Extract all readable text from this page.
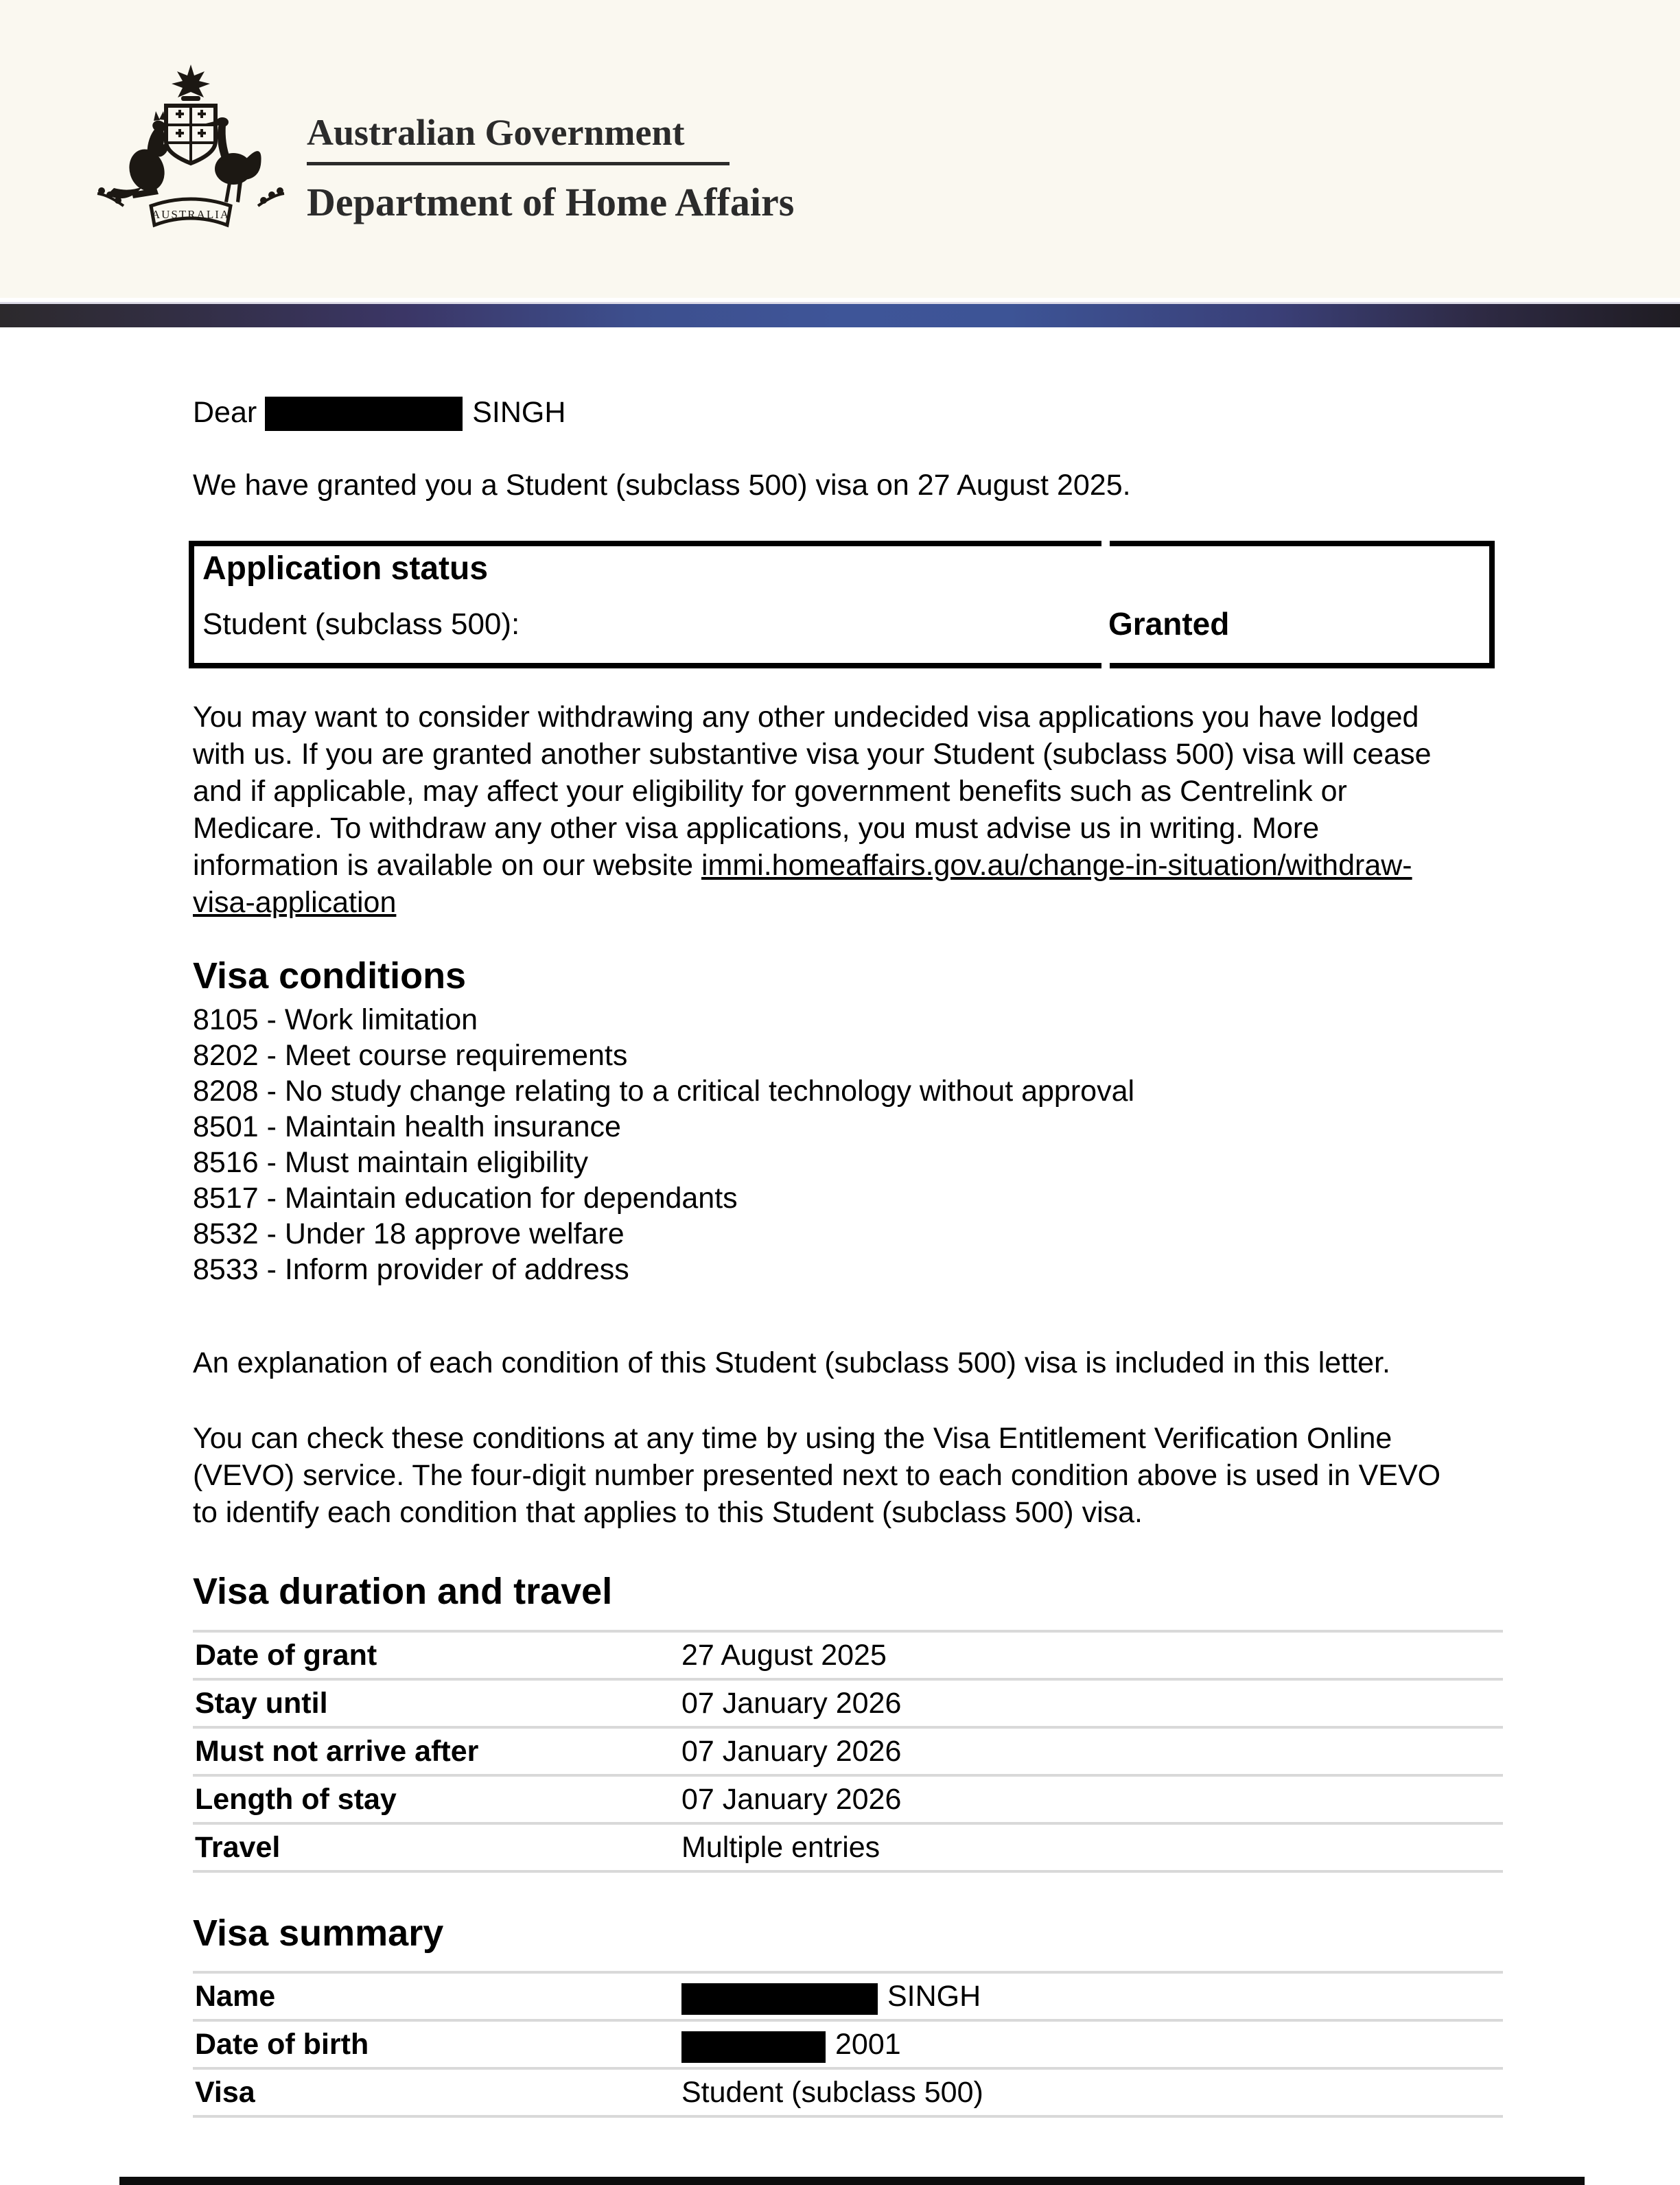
AUSTRALIA
Australian Government
Department of Home Affairs
Dear	SINGH

We have granted you a Student (subclass 500) visa on 27 August 2025.

Application status
Student (subclass 500):	Granted

You may want to consider withdrawing any other undecided visa applications you have lodged with us. If you are granted another substantive visa your Student (subclass 500) visa will cease and if applicable, may affect your eligibility for government benefits such as Centrelink or Medicare. To withdraw any other visa applications, you must advise us in writing. More information is available on our website immi.homeaffairs.gov.au/change-in-situation/withdraw-visa-application

Visa conditions
8105 - Work limitation
8202 - Meet course requirements
8208 - No study change relating to a critical technology without approval
8501 - Maintain health insurance
8516 - Must maintain eligibility
8517 - Maintain education for dependants
8532 - Under 18 approve welfare
8533 - Inform provider of address

An explanation of each condition of this Student (subclass 500) visa is included in this letter.

You can check these conditions at any time by using the Visa Entitlement Verification Online (VEVO) service. The four-digit number presented next to each condition above is used in VEVO to identify each condition that applies to this Student (subclass 500) visa.

Visa duration and travel
Date of grant	27 August 2025
Stay until	07 January 2026
Must not arrive after	07 January 2026
Length of stay	07 January 2026
Travel	Multiple entries
Visa summary
Name	SINGH
Date of birth	2001
Visa	Student (subclass 500)
